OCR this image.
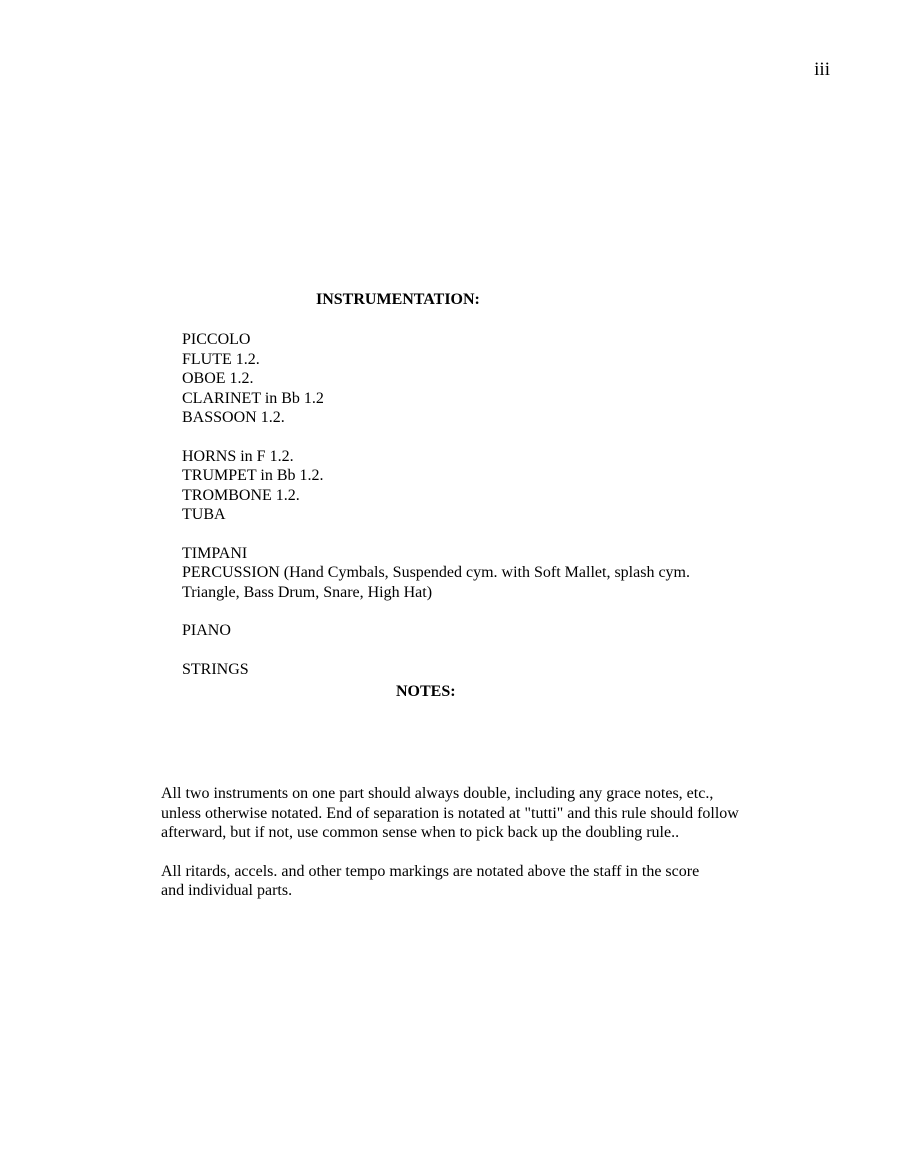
iii
INSTRUMENTATION:
PICCOLO
FLUTE 1.2.
OBOE 1.2.
CLARINET in Bb 1.2
BASSOON 1.2.
HORNS in F 1.2.
TRUMPET in Bb 1.2.
TROMBONE 1.2.
TUBA
TIMPANI
PERCUSSION (Hand Cymbals, Suspended cym. with Soft Mallet, splash cym.
Triangle, Bass Drum, Snare, High Hat)
PIANO
STRINGS
NOTES:
All two instruments on one part should always double, including any grace notes, etc.,
unless otherwise notated. End of separation is notated at "tutti" and this rule should follow
afterward, but if not, use common sense when to pick back up the doubling rule..
All ritards, accels. and other tempo markings are notated above the staff in the score
and individual parts.
